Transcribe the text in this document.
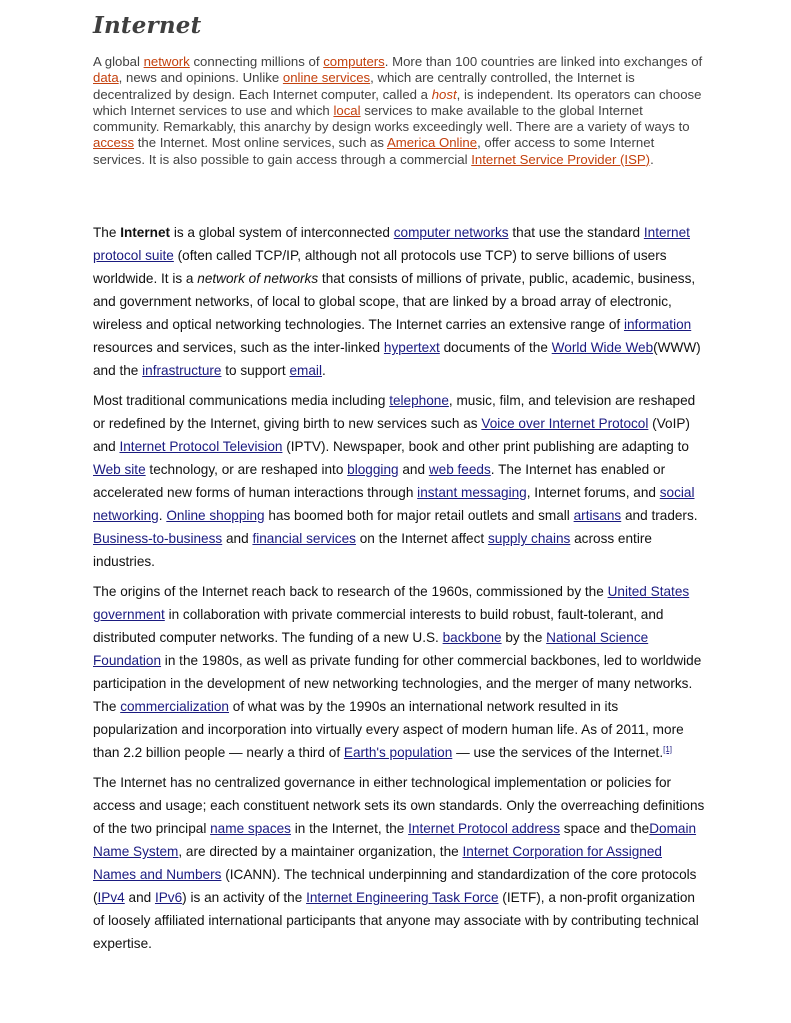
Internet

A global network connecting millions of computers. More than 100 countries are linked into exchanges of data, news and opinions. Unlike online services, which are centrally controlled, the Internet is decentralized by design. Each Internet computer, called a host, is independent. Its operators can choose which Internet services to use and which local services to make available to the global Internet community. Remarkably, this anarchy by design works exceedingly well. There are a variety of ways to access the Internet. Most online services, such as America Online, offer access to some Internet services. It is also possible to gain access through a commercial Internet Service Provider (ISP).

The Internet is a global system of interconnected computer networks that use the standard Internet protocol suite (often called TCP/IP, although not all protocols use TCP) to serve billions of users worldwide. It is a network of networks that consists of millions of private, public, academic, business, and government networks, of local to global scope, that are linked by a broad array of electronic, wireless and optical networking technologies. The Internet carries an extensive range of information resources and services, such as the inter-linked hypertext documents of the World Wide Web(WWW) and the infrastructure to support email.

Most traditional communications media including telephone, music, film, and television are reshaped or redefined by the Internet, giving birth to new services such as Voice over Internet Protocol (VoIP) and Internet Protocol Television (IPTV). Newspaper, book and other print publishing are adapting to Web site technology, or are reshaped into blogging and web feeds. The Internet has enabled or accelerated new forms of human interactions through instant messaging, Internet forums, and social networking. Online shopping has boomed both for major retail outlets and small artisans and traders. Business-to-business and financial services on the Internet affect supply chains across entire industries.

The origins of the Internet reach back to research of the 1960s, commissioned by the United States government in collaboration with private commercial interests to build robust, fault-tolerant, and distributed computer networks. The funding of a new U.S. backbone by the National Science Foundation in the 1980s, as well as private funding for other commercial backbones, led to worldwide participation in the development of new networking technologies, and the merger of many networks. The commercialization of what was by the 1990s an international network resulted in its popularization and incorporation into virtually every aspect of modern human life. As of 2011, more than 2.2 billion people — nearly a third of Earth's population — use the services of the Internet.[1]

The Internet has no centralized governance in either technological implementation or policies for access and usage; each constituent network sets its own standards. Only the overreaching definitions of the two principal name spaces in the Internet, the Internet Protocol address space and theDomain Name System, are directed by a maintainer organization, the Internet Corporation for Assigned Names and Numbers (ICANN). The technical underpinning and standardization of the core protocols (IPv4 and IPv6) is an activity of the Internet Engineering Task Force (IETF), a non-profit organization of loosely affiliated international participants that anyone may associate with by contributing technical expertise.
